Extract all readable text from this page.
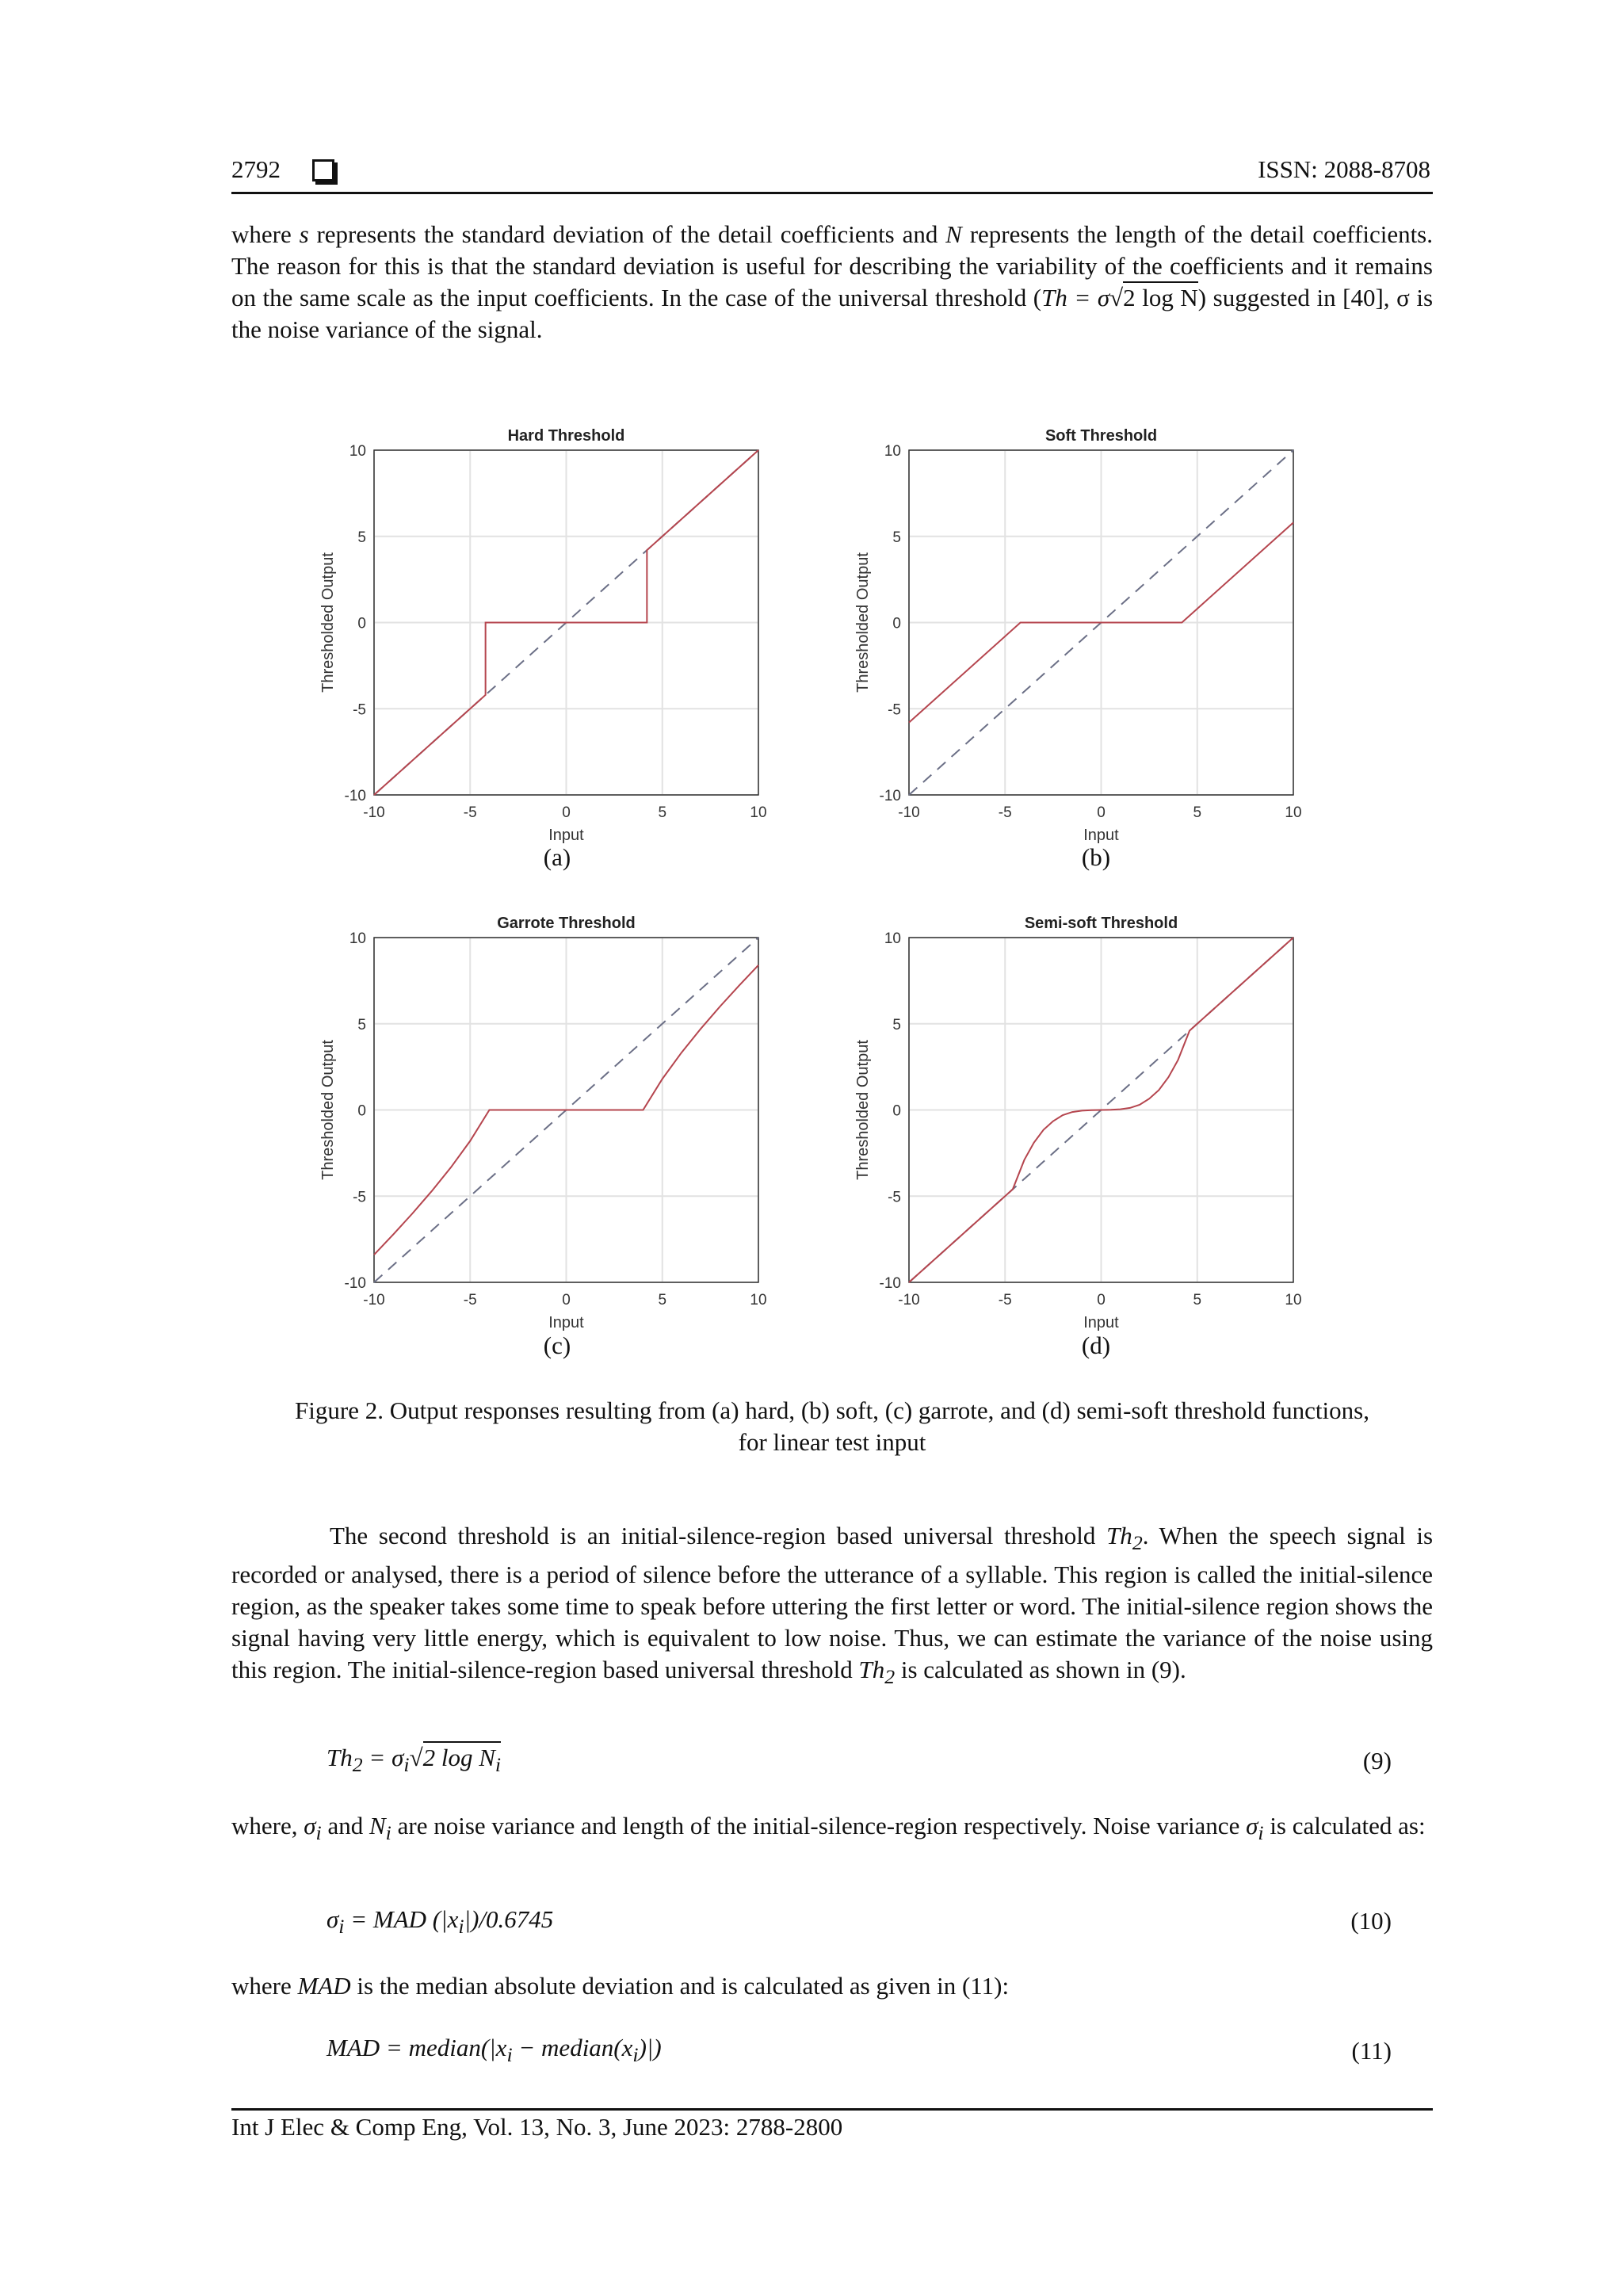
2792	ISSN: 2088-8708

where s represents the standard deviation of the detail coefficients and N represents the length of the detail coefficients. The reason for this is that the standard deviation is useful for describing the variability of the coefficients and it remains on the same scale as the input coefficients. In the case of the universal threshold (Th = σ√2 log N) suggested in [40], σ is the noise variance of the signal.

-10	-5	0	5	10
10
5
0
-5
-10
Hard Threshold
Input
Thresholded Output
-10	-5	0	5	10
10
5
0
-5
-10
Soft Threshold
Input
Thresholded Output
-10	-5	0	5	10
10
5
0
-5
-10
Garrote Threshold
Input
Thresholded Output
-10	-5	0	5	10
10
5
0
-5
-10
Semi-soft Threshold
Input
Thresholded Output
(a)	(b)
(c)	(d)
Figure 2. Output responses resulting from (a) hard, (b) soft, (c) garrote, and (d) semi-soft threshold functions,
for linear test input

The second threshold is an initial-silence-region based universal threshold $Th_2$. When the speech signal is recorded or analysed, there is a period of silence before the utterance of a syllable. This region is called the initial-silence region, as the speaker takes some time to speak before uttering the first letter or word. The initial-silence region shows the signal having very little energy, which is equivalent to low noise. Thus, we can estimate the variance of the noise using this region. The initial-silence-region based universal threshold $Th_2$ is calculated as shown in (9).

$Th_2 = \sigma_i√2$ $\log N_i$	(9)

where, $\sigma_i$ and $N_i$ are noise variance and length of the initial-silence-region respectively. Noise variance $\sigma_i$ is calculated as:

$\sigma_i$ = MAD $(|x_i|)/0.6745$	(10)

where MAD is the median absolute deviation and is calculated as given in (11):

MAD = $median(|x_i$ − $median(x_i)|$)	(11)
Int J Elec & Comp Eng, Vol. 13, No. 3, June 2023: 2788-2800
